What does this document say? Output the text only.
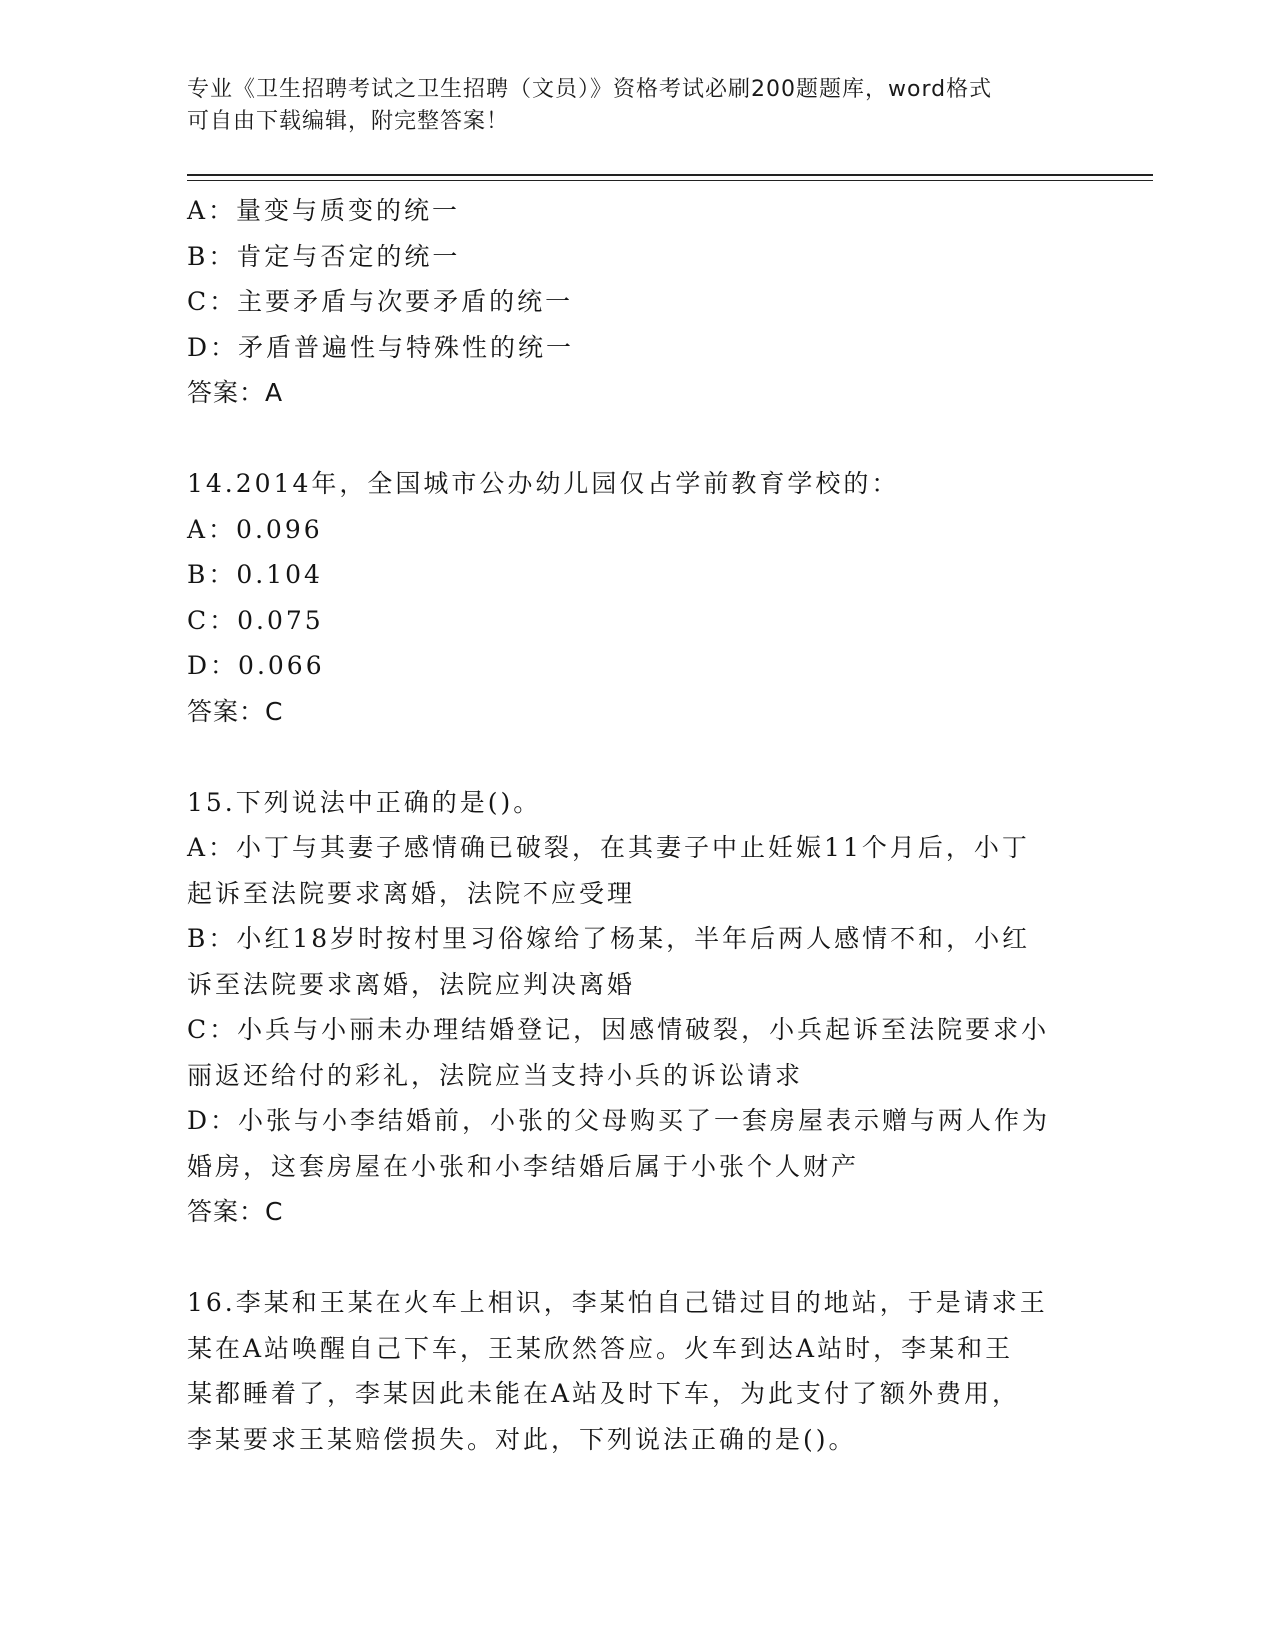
专业《卫生招聘考试之卫生招聘（文员）》资格考试必刷200题题库，word格式
可自由下载编辑，附完整答案！
A：量变与质变的统一
B：肯定与否定的统一
C：主要矛盾与次要矛盾的统一
D：矛盾普遍性与特殊性的统一
答案：A
14.2014年，全国城市公办幼儿园仅占学前教育学校的：
A：0.096
B：0.104
C：0.075
D：0.066
答案：C
15.下列说法中正确的是()。
A：小丁与其妻子感情确已破裂，在其妻子中止妊娠11个月后，小丁
起诉至法院要求离婚，法院不应受理
B：小红18岁时按村里习俗嫁给了杨某，半年后两人感情不和，小红
诉至法院要求离婚，法院应判决离婚
C：小兵与小丽未办理结婚登记，因感情破裂，小兵起诉至法院要求小
丽返还给付的彩礼，法院应当支持小兵的诉讼请求
D：小张与小李结婚前，小张的父母购买了一套房屋表示赠与两人作为
婚房，这套房屋在小张和小李结婚后属于小张个人财产
答案：C
16.李某和王某在火车上相识，李某怕自己错过目的地站，于是请求王
某在A站唤醒自己下车，王某欣然答应。火车到达A站时，李某和王
某都睡着了，李某因此未能在A站及时下车，为此支付了额外费用，
李某要求王某赔偿损失。对此，下列说法正确的是()。
